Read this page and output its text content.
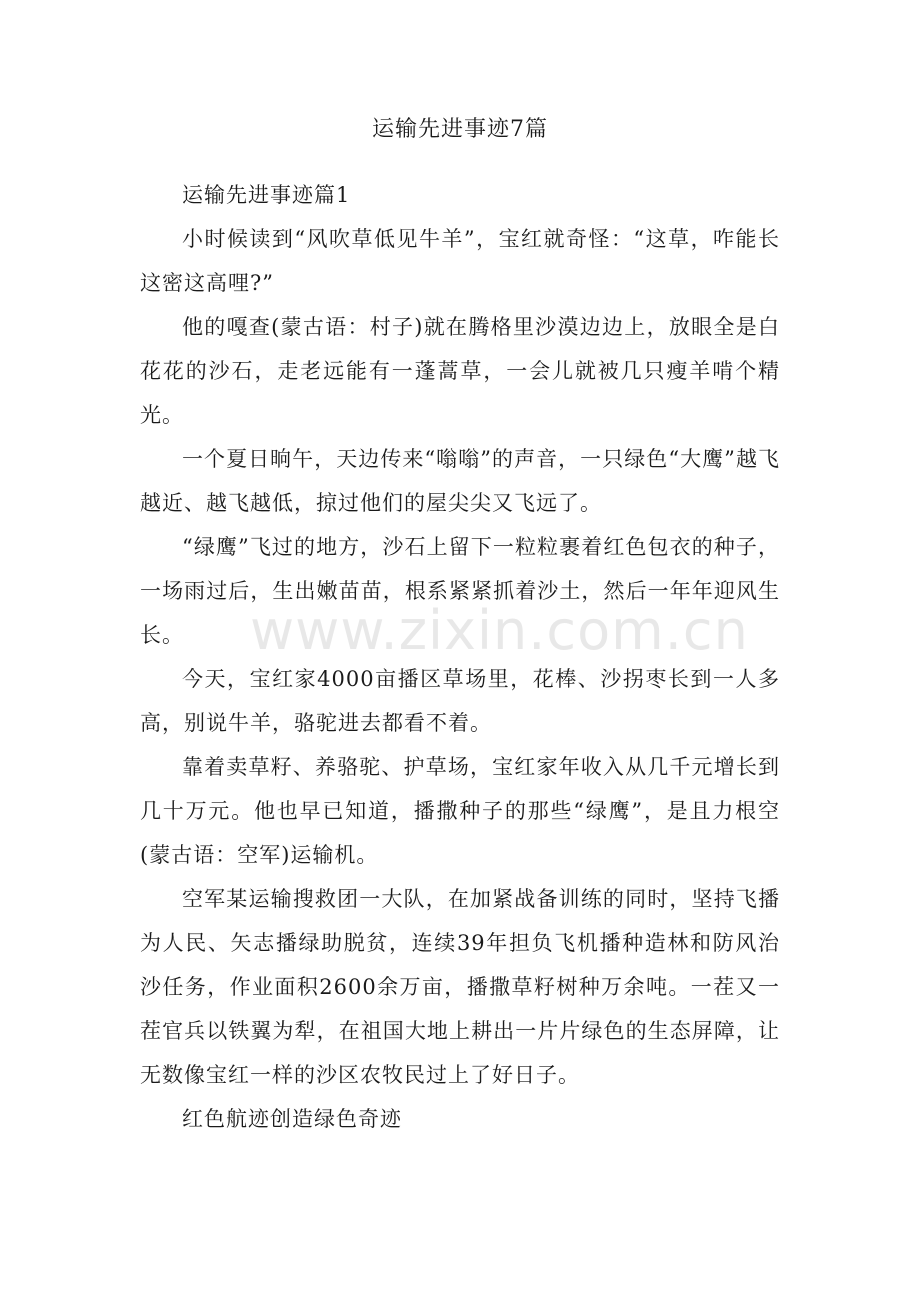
运输先进事迹7篇

运输先进事迹篇1

小时候读到“风吹草低见牛羊”，宝红就奇怪：“这草，咋能长这密这高哩?”

他的嘎查(蒙古语：村子)就在腾格里沙漠边边上，放眼全是白花花的沙石，走老远能有一蓬蒿草，一会儿就被几只瘦羊啃个精光。

一个夏日晌午，天边传来“嗡嗡”的声音，一只绿色“大鹰”越飞越近、越飞越低，掠过他们的屋尖尖又飞远了。

“绿鹰”飞过的地方，沙石上留下一粒粒裹着红色包衣的种子，一场雨过后，生出嫩苗苗，根系紧紧抓着沙土，然后一年年迎风生长。

今天，宝红家4000亩播区草场里，花棒、沙拐枣长到一人多高，别说牛羊，骆驼进去都看不着。

靠着卖草籽、养骆驼、护草场，宝红家年收入从几千元增长到几十万元。他也早已知道，播撒种子的那些“绿鹰”，是且力根空(蒙古语：空军)运输机。

空军某运输搜救团一大队，在加紧战备训练的同时，坚持飞播为人民、矢志播绿助脱贫，连续39年担负飞机播种造林和防风治沙任务，作业面积2600余万亩，播撒草籽树种万余吨。一茬又一茬官兵以铁翼为犁，在祖国大地上耕出一片片绿色的生态屏障，让无数像宝红一样的沙区农牧民过上了好日子。

红色航迹创造绿色奇迹

www.zixin.com.cn
